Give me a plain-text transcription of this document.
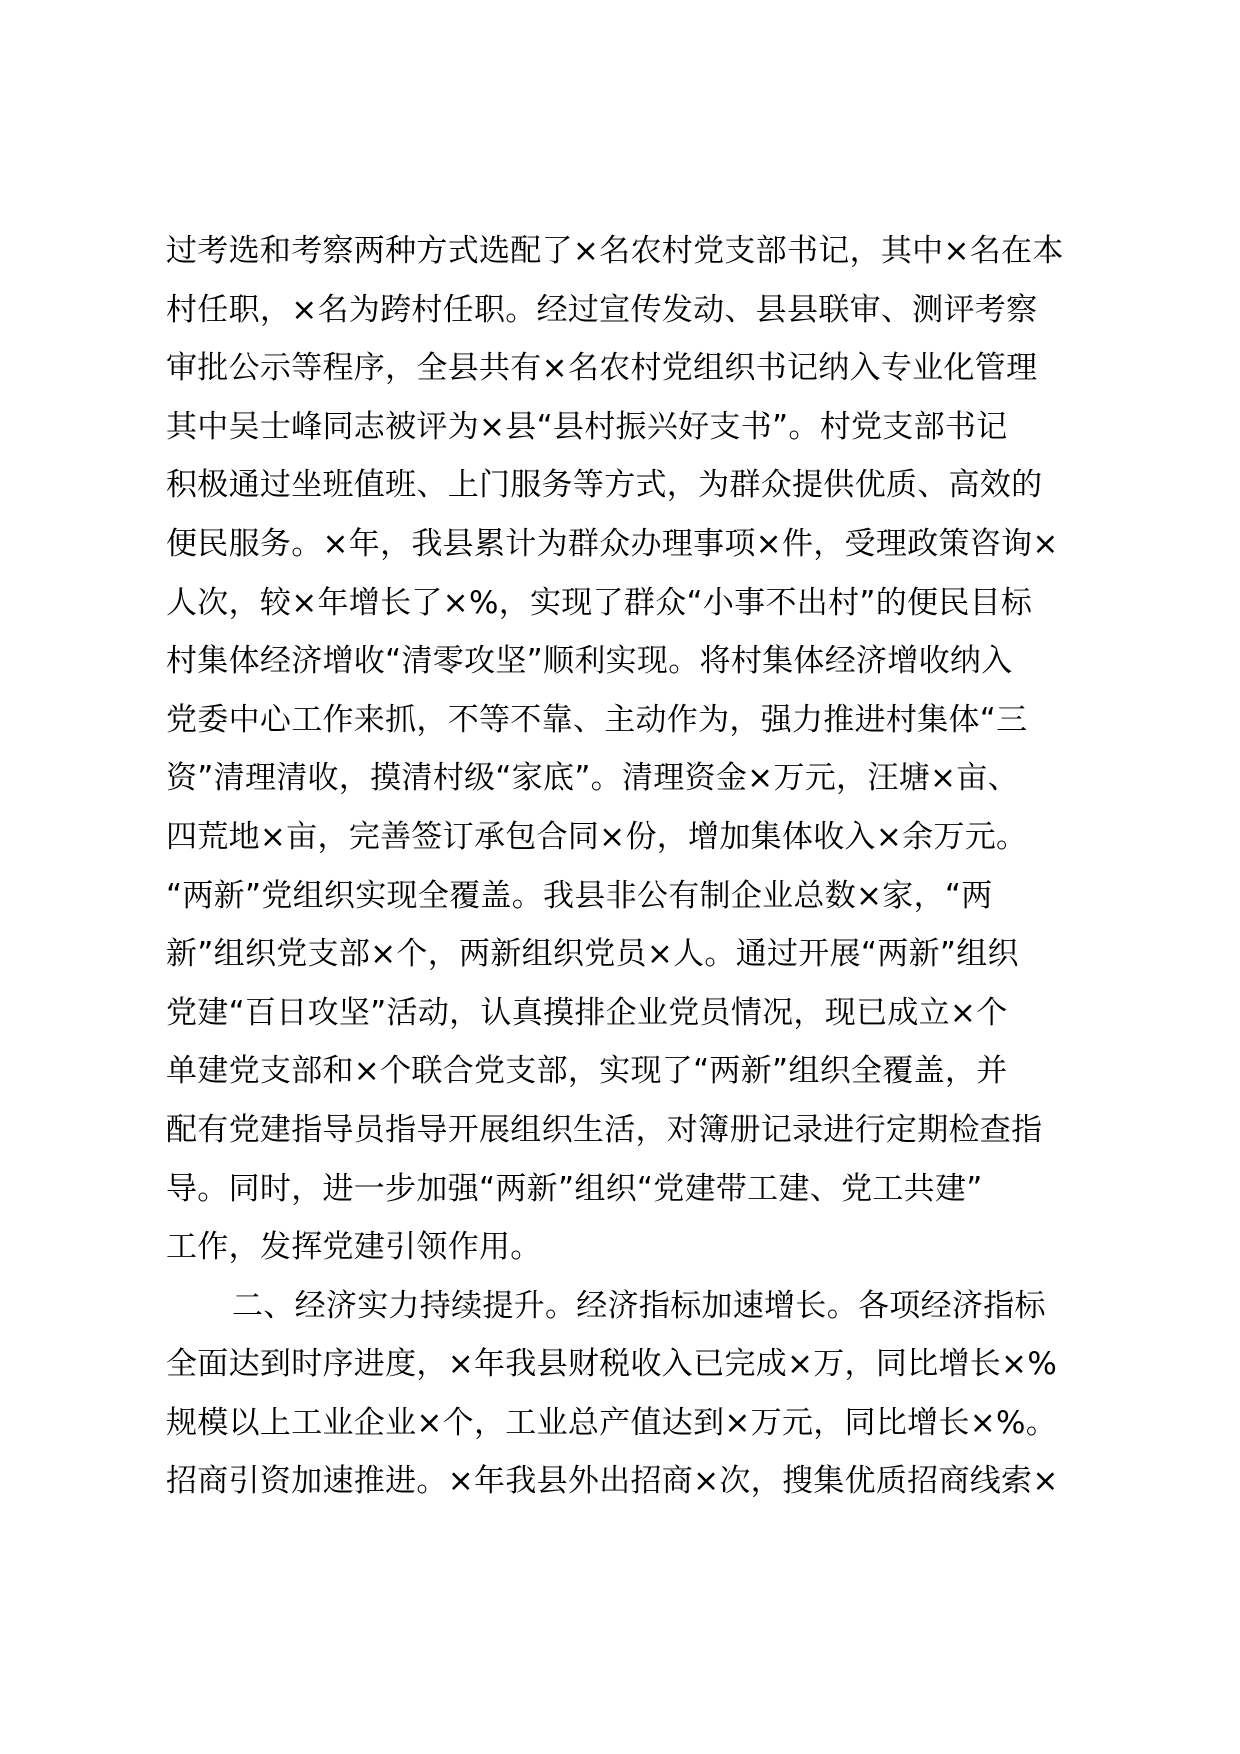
过考选和考察两种方式选配了×名农村党支部书记，其中×名在本
村任职，×名为跨村任职。经过宣传发动、县县联审、测评考察
审批公示等程序，全县共有×名农村党组织书记纳入专业化管理
其中吴士峰同志被评为×县“县村振兴好支书”。村党支部书记
积极通过坐班值班、上门服务等方式，为群众提供优质、高效的
便民服务。×年，我县累计为群众办理事项×件，受理政策咨询×
人次，较×年增长了×%，实现了群众“小事不出村”的便民目标
村集体经济增收“清零攻坚”顺利实现。将村集体经济增收纳入
党委中心工作来抓，不等不靠、主动作为，强力推进村集体“三
资”清理清收，摸清村级“家底”。清理资金×万元，汪塘×亩、
四荒地×亩，完善签订承包合同×份，增加集体收入×余万元。
“两新”党组织实现全覆盖。我县非公有制企业总数×家，“两
新”组织党支部×个，两新组织党员×人。通过开展“两新”组织
党建“百日攻坚”活动，认真摸排企业党员情况，现已成立×个
单建党支部和×个联合党支部，实现了“两新”组织全覆盖，并
配有党建指导员指导开展组织生活，对簿册记录进行定期检查指
导。同时，进一步加强“两新”组织“党建带工建、党工共建”
工作，发挥党建引领作用。
二、经济实力持续提升。经济指标加速增长。各项经济指标
全面达到时序进度，×年我县财税收入已完成×万，同比增长×%
规模以上工业企业×个，工业总产值达到×万元，同比增长×%。
招商引资加速推进。×年我县外出招商×次，搜集优质招商线索×
